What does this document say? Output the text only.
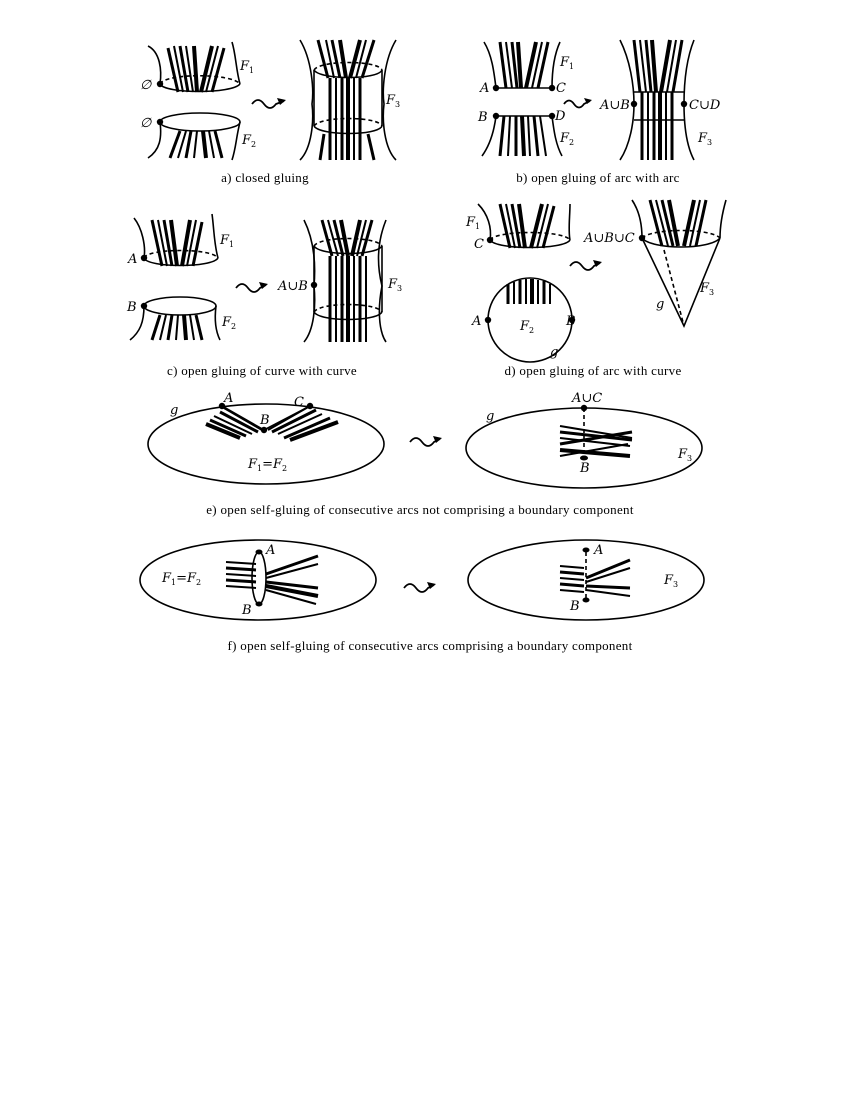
∅
$F_1$
∅
$F_2$
$F_3$
a) closed gluing
A	C
$F_1$
B	D
$F_2$
A∪B	C∪D
$F_3$
b) open gluing of arc with arc
A
$F_1$
B
$F_2$
A∪B	$F_3$
c) open gluing of curve with curve
C
$F_1$
A	B
$F_2$
g
A∪B∪C
$F_3$
g
d) open gluing of arc with curve
A
B
C
g
$F_1=F_2$
A∪C
B
g
$F_3$
e) open self-gluing of consecutive arcs not comprising a boundary component
A
B
$F_1=F_2$
A
B
$F_3$
f) open self-gluing of consecutive arcs comprising a boundary component
